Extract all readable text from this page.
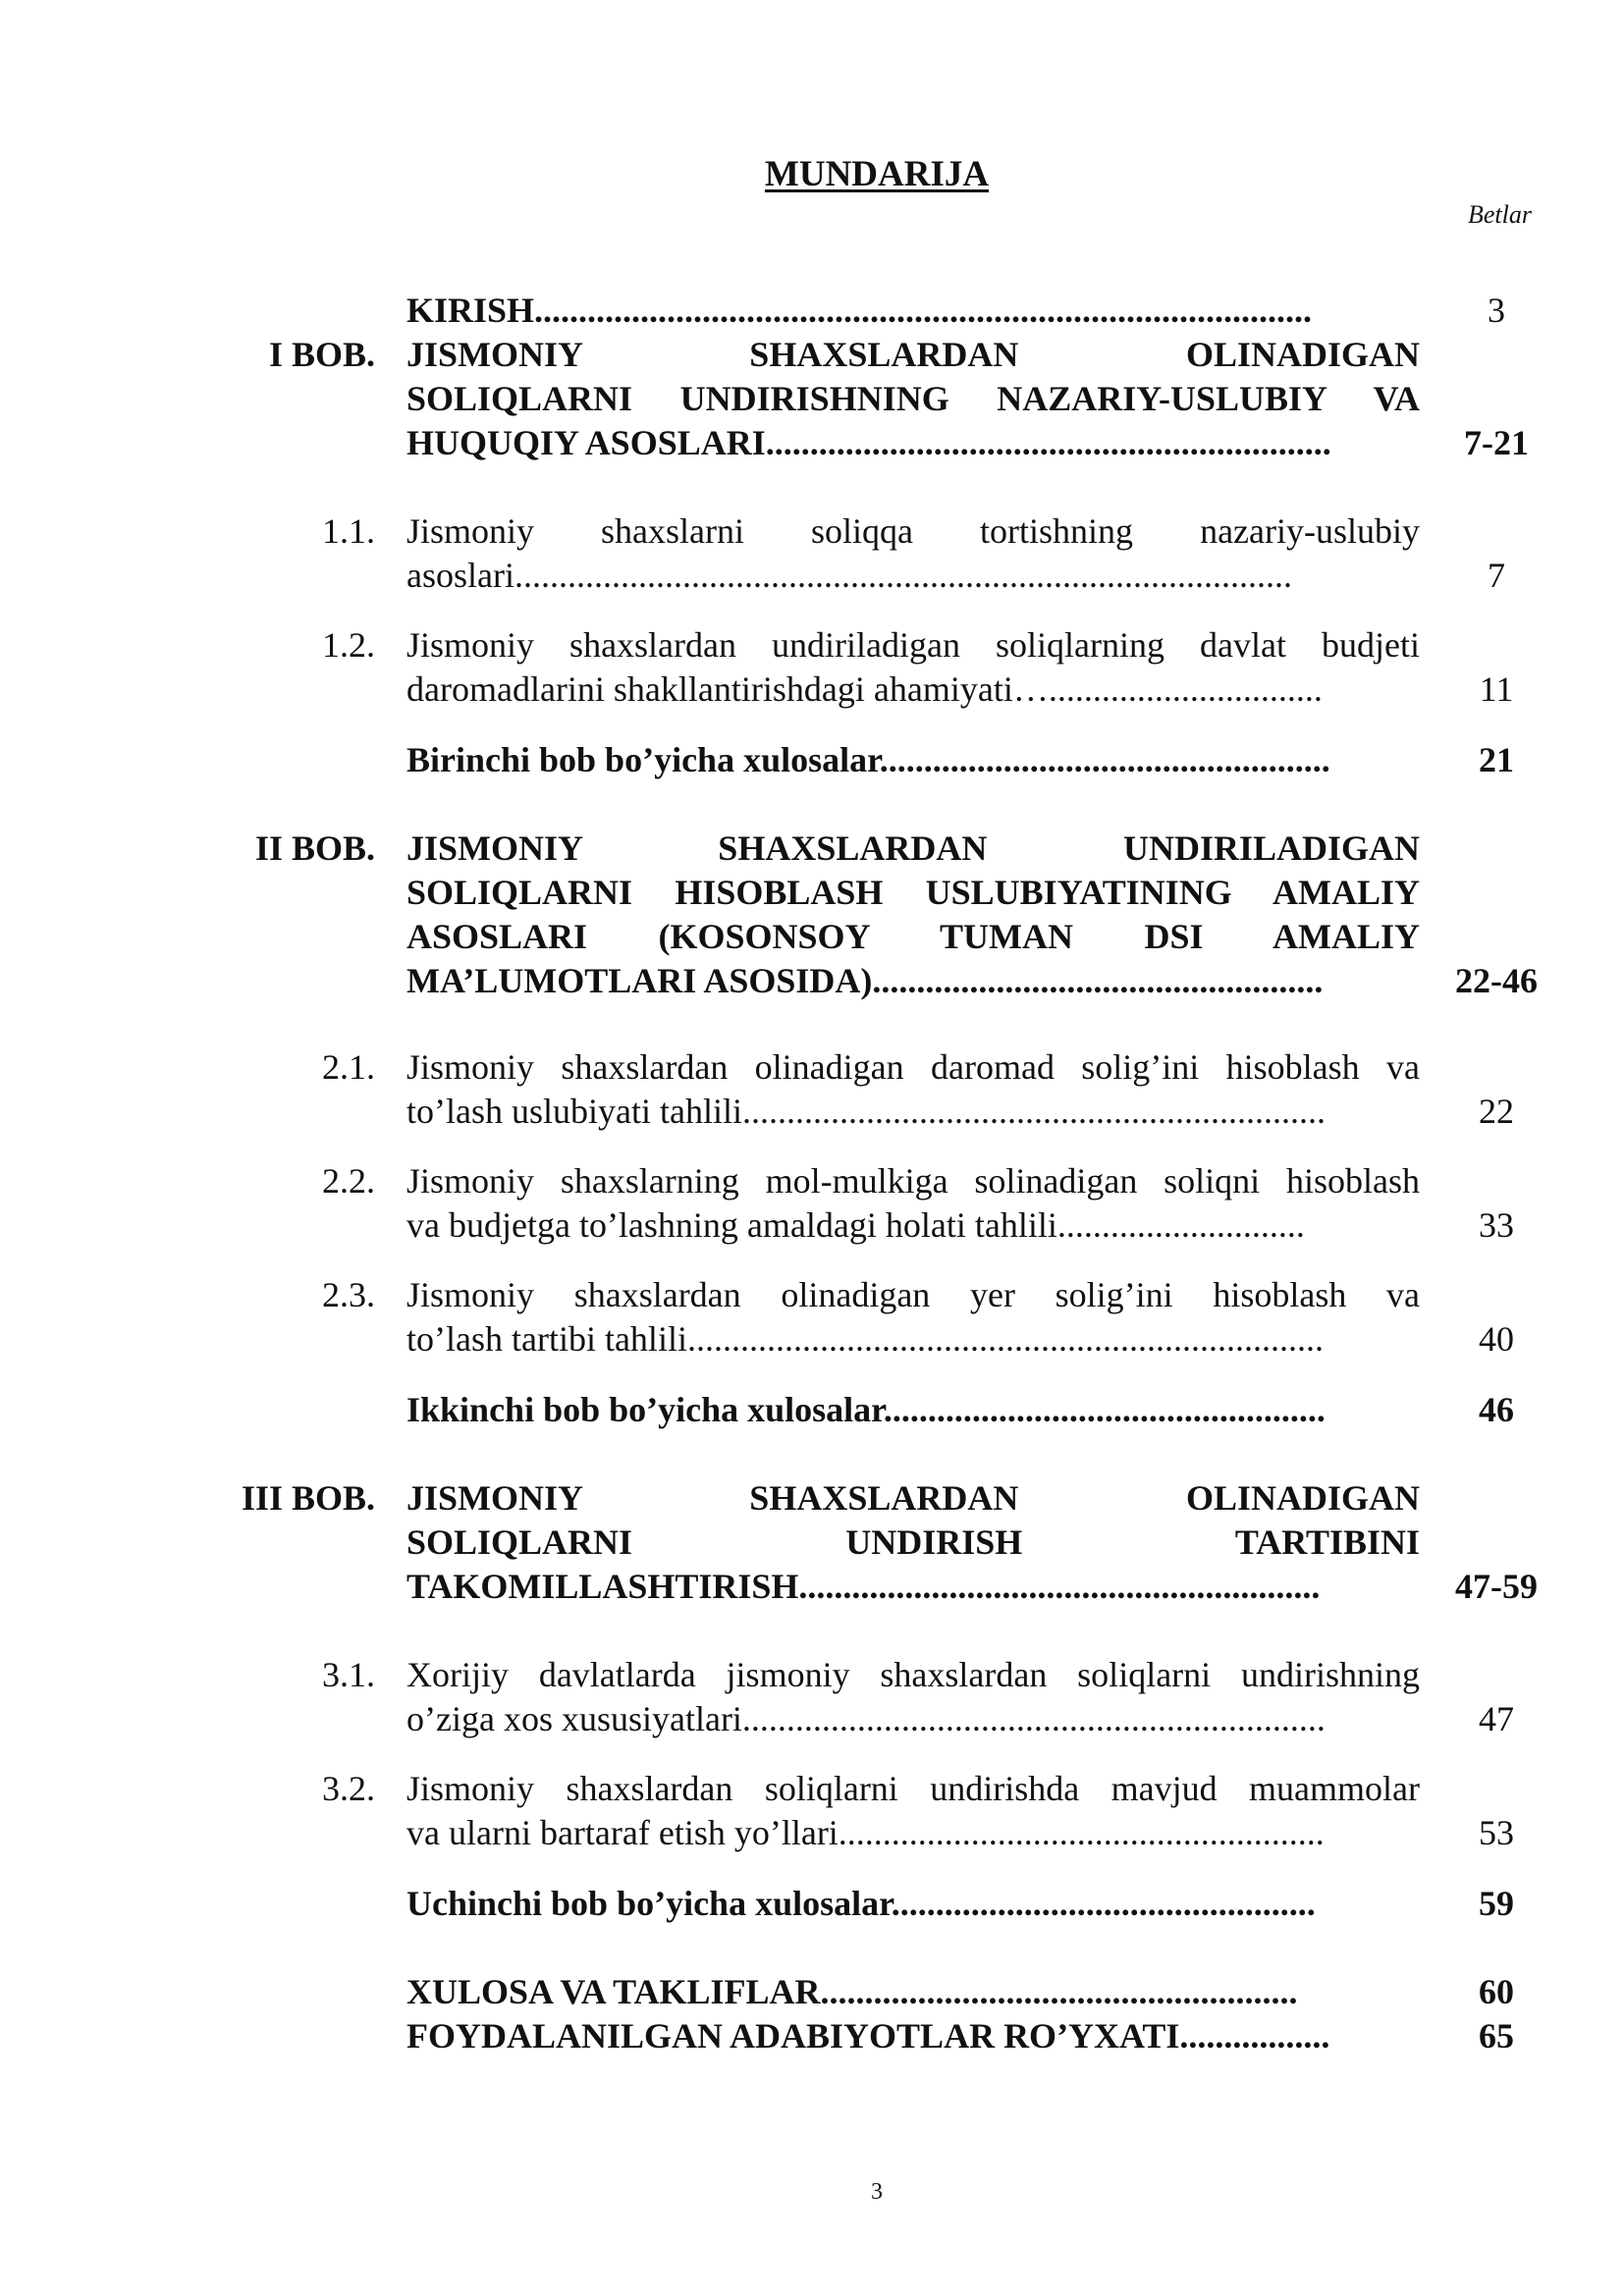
MUNDARIJA
Betlar
KIRISH........................................................................................	3
I BOB. JISMONIY SHAXSLARDAN OLINADIGAN
SOLIQLARNI UNDIRISHNING NAZARIY-USLUBIY VA
HUQUQIY ASOSLARI................................................................	7-21
1.1. Jismoniy shaxslarni soliqqa tortishning nazariy-uslubiy
asoslari........................................................................................	7
1.2. Jismoniy shaxslardan undiriladigan soliqlarning davlat budjeti
daromadlarini shakllantirishdagi ahamiyati…...............................	11
Birinchi bob bo’yicha xulosalar...................................................	21
II BOB. JISMONIY SHAXSLARDAN UNDIRILADIGAN
SOLIQLARNI HISOBLASH USLUBIYATINING AMALIY
ASOSLARI (KOSONSOY TUMAN DSI AMALIY
MA’LUMOTLARI ASOSIDA)...................................................	22-46
2.1. Jismoniy shaxslardan olinadigan daromad solig’ini hisoblash va
to’lash uslubiyati tahlili..................................................................	22
2.2. Jismoniy shaxslarning mol-mulkiga solinadigan soliqni hisoblash
va budjetga to’lashning amaldagi holati tahlili............................	33
2.3. Jismoniy shaxslardan olinadigan yer solig’ini hisoblash va
to’lash tartibi tahlili........................................................................	40
Ikkinchi bob bo’yicha xulosalar..................................................	46
III BOB. JISMONIY SHAXSLARDAN OLINADIGAN
SOLIQLARNI UNDIRISH TARTIBINI
TAKOMILLASHTIRISH...........................................................	47-59
3.1. Xorijiy davlatlarda jismoniy shaxslardan soliqlarni undirishning
o’ziga xos xususiyatlari..................................................................	47
3.2. Jismoniy shaxslardan soliqlarni undirishda mavjud muammolar
va ularni bartaraf etish yo’llari.......................................................	53
Uchinchi bob bo’yicha xulosalar................................................	59
XULOSA VA TAKLIFLAR......................................................	60
FOYDALANILGAN ADABIYOTLAR RO’YXATI.................	65
3
